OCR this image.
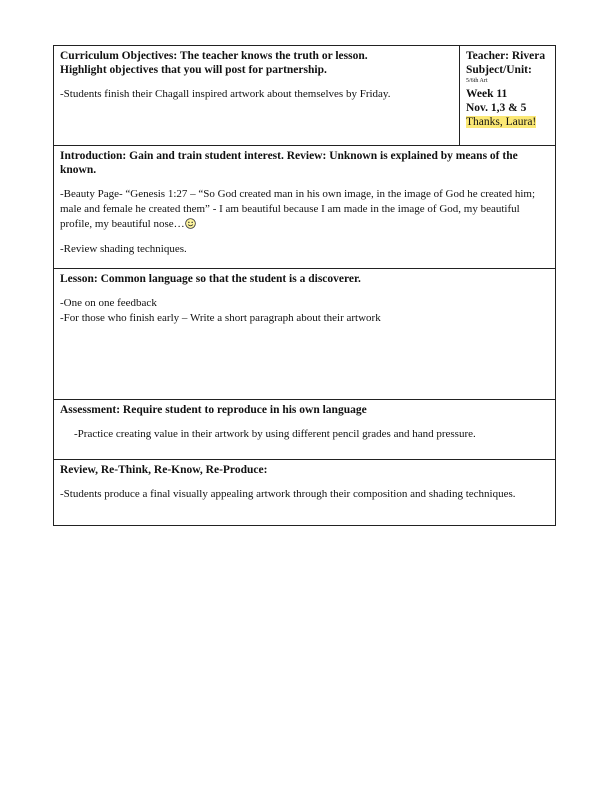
Curriculum Objectives: The teacher knows the truth or lesson.
Highlight objectives that you will post for partnership.
-Students finish their Chagall inspired artwork about themselves by Friday.

Teacher: Rivera
Subject/Unit:
5/6th Art
Week 11
Nov. 1,3 & 5
Thanks, Laura!

Introduction: Gain and train student interest. Review: Unknown is explained by means of the known.
-Beauty Page- “Genesis 1:27 – “So God created man in his own image, in the image of God he created him; male and female he created them” - I am beautiful because I am made in the image of God, my beautiful profile, my beautiful nose…
-Review shading techniques.

Lesson: Common language so that the student is a discoverer.
-One on one feedback
-For those who finish early – Write a short paragraph about their artwork

Assessment: Require student to reproduce in his own language
-Practice creating value in their artwork by using different pencil grades and hand pressure.

Review, Re-Think, Re-Know, Re-Produce:
-Students produce a final visually appealing artwork through their composition and shading techniques.
